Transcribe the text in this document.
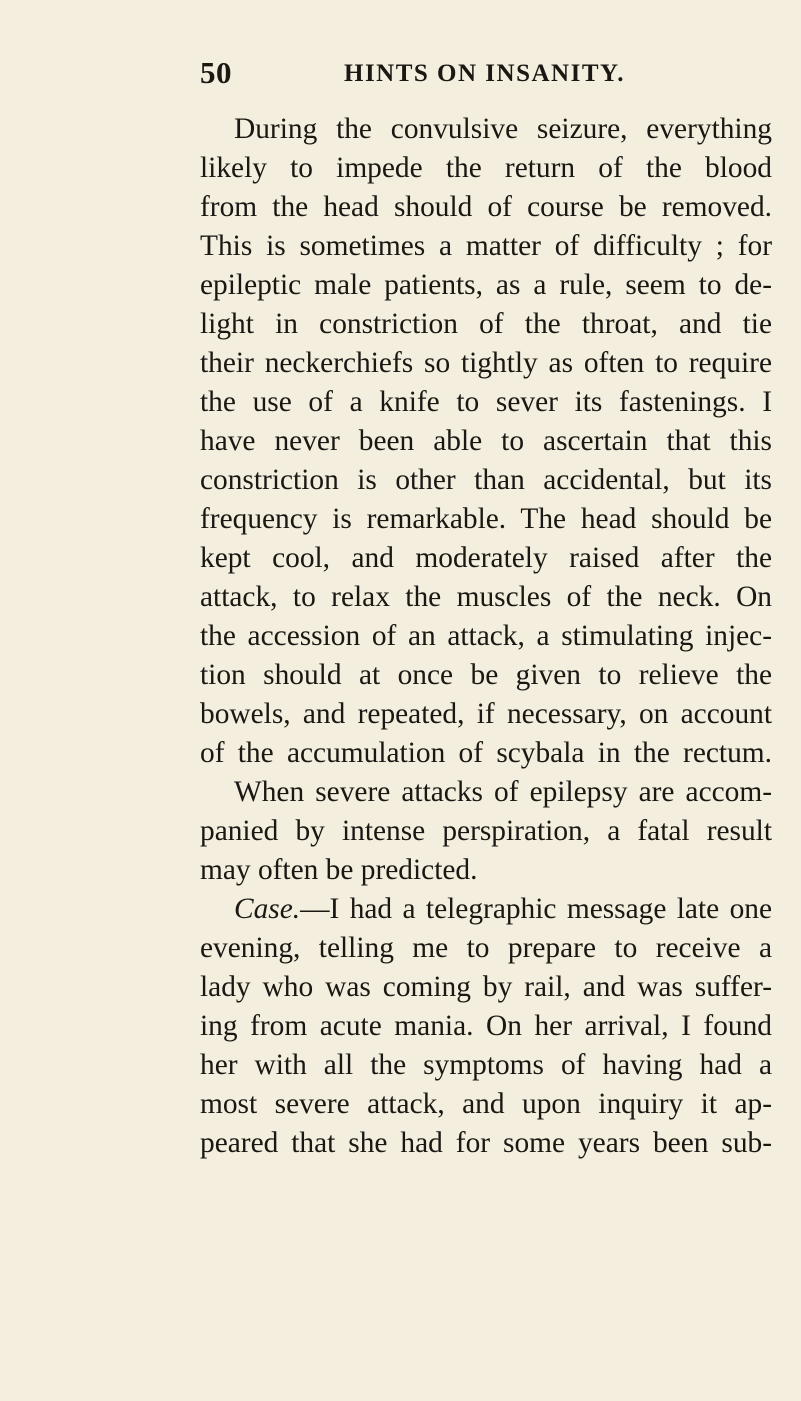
50	HINTS ON INSANITY.
During the convulsive seizure, everything
likely to impede the return of the blood
from the head should of course be removed.
This is sometimes a matter of difficulty ; for
epileptic male patients, as a rule, seem to de-
light in constriction of the throat, and tie
their neckerchiefs so tightly as often to require
the use of a knife to sever its fastenings. I
have never been able to ascertain that this
constriction is other than accidental, but its
frequency is remarkable. The head should be
kept cool, and moderately raised after the
attack, to relax the muscles of the neck. On
the accession of an attack, a stimulating injec-
tion should at once be given to relieve the
bowels, and repeated, if necessary, on account
of the accumulation of scybala in the rectum.
When severe attacks of epilepsy are accom-
panied by intense perspiration, a fatal result
may often be predicted.
Case.—I had a telegraphic message late one
evening, telling me to prepare to receive a
lady who was coming by rail, and was suffer-
ing from acute mania. On her arrival, I found
her with all the symptoms of having had a
most severe attack, and upon inquiry it ap-
peared that she had for some years been sub-
